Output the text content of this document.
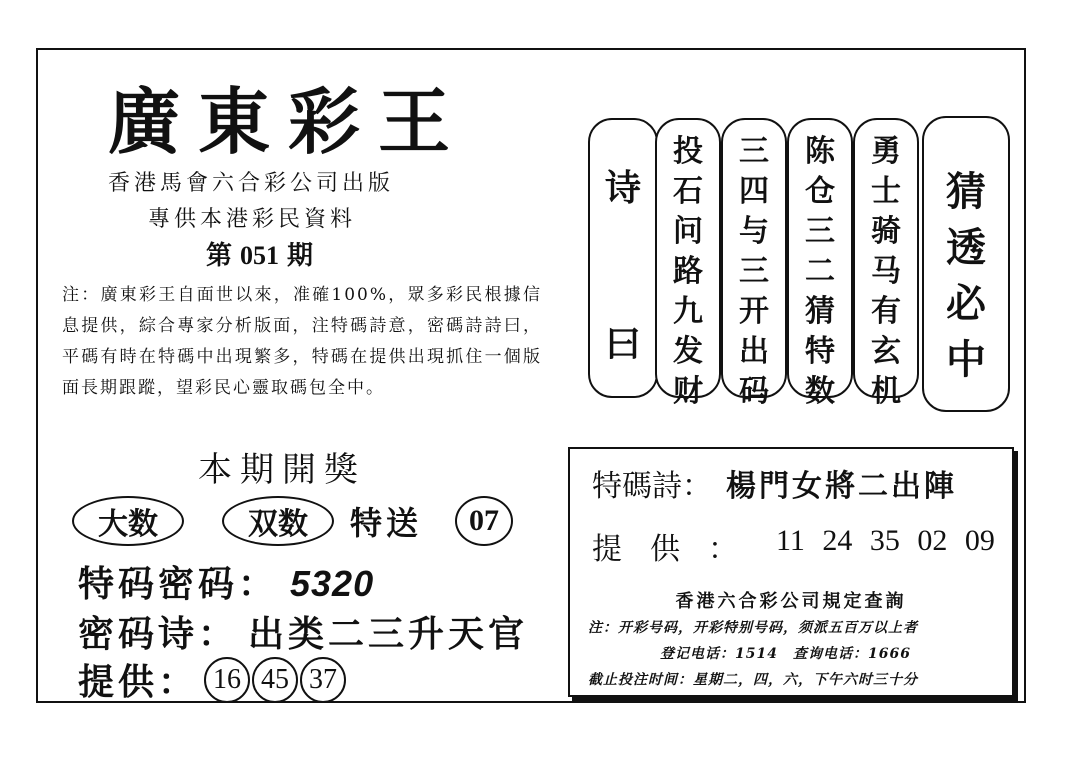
廣東彩王
香港馬會六合彩公司出版
專供本港彩民資料
第 051 期
注：廣東彩王自面世以來，准確100%，眾多彩民根據信息提供，綜合專家分析版面，注特碼詩意，密碼詩詩曰，平碼有時在特碼中出現繁多，特碼在提供出現抓住一個版面長期跟蹤，望彩民心靈取碼包全中。
本期開獎
大数	双数	特送	07
特码密码： 5320
密码诗： 出类二三升天官
提供： 16 45 37
诗
曰
投
石
问
路
九
发
财
三
四
与
三
开
出
码
陈
仓
三
二
猜
特
数
勇
士
骑
马
有
玄
机
猜
透
必
中
特碼詩： 楊門女將二出陣
提供： 11 24 35 02 09
香港六合彩公司規定查詢
注：开彩号码，开彩特别号码，须派五百万以上者
登记电话：1514　查询电话：1666
截止投注时间：星期二，四，六，下午六时三十分
